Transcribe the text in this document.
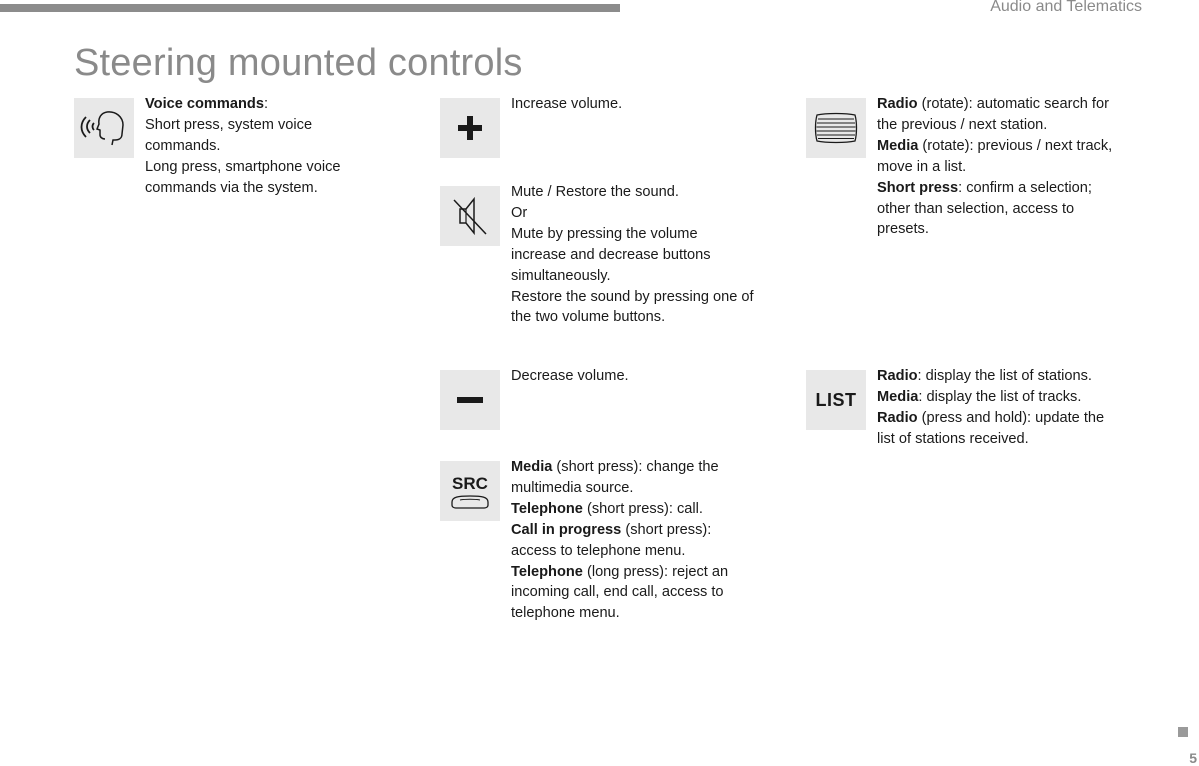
Audio and Telematics
Steering mounted controls
Voice commands:
Short press, system voice
commands.
Long press, smartphone voice
commands via the system.
Increase volume.
Mute / Restore the sound.
Or
Mute by pressing the volume
increase and decrease buttons
simultaneously.
Restore the sound by pressing one of
the two volume buttons.
Decrease volume.
SRC
Media (short press): change the
multimedia source.
Telephone (short press): call.
Call in progress (short press):
access to telephone menu.
Telephone (long press): reject an
incoming call, end call, access to
telephone menu.
Radio (rotate): automatic search for
the previous / next station.
Media (rotate): previous / next track,
move in a list.
Short press: confirm a selection;
other than selection, access to
presets.
LIST
Radio: display the list of stations.
Media: display the list of tracks.
Radio (press and hold): update the
list of stations received.
5
